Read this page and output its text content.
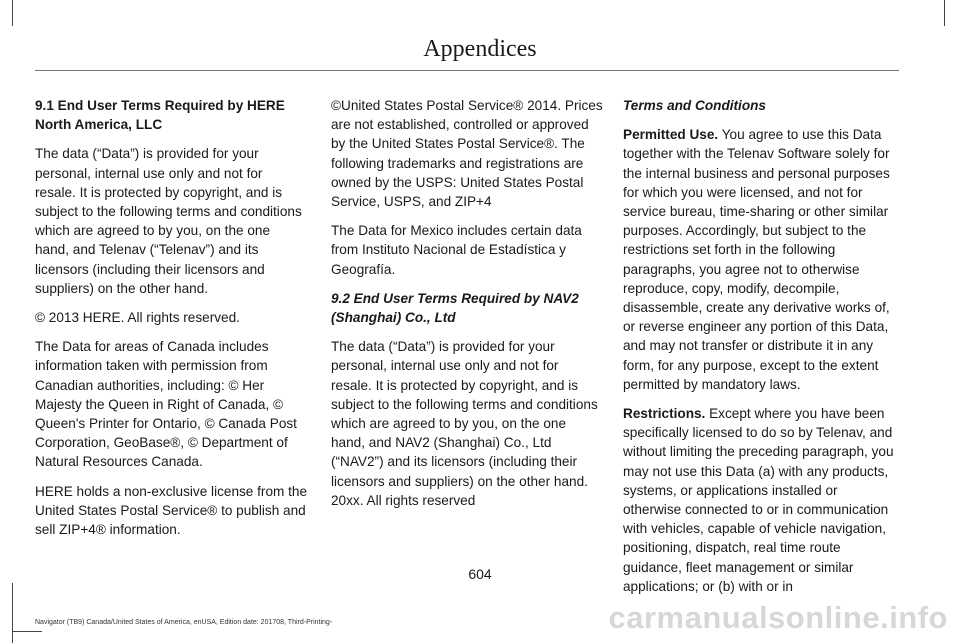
Appendices

9.1 End User Terms Required by HERE North America, LLC

The data (“Data”) is provided for your personal, internal use only and not for resale. It is protected by copyright, and is subject to the following terms and conditions which are agreed to by you, on the one hand, and Telenav (“Telenav”) and its licensors (including their licensors and suppliers) on the other hand.

© 2013 HERE. All rights reserved.

The Data for areas of Canada includes information taken with permission from Canadian authorities, including: © Her Majesty the Queen in Right of Canada, © Queen's Printer for Ontario, © Canada Post Corporation, GeoBase®, © Department of Natural Resources Canada.

HERE holds a non-exclusive license from the United States Postal Service® to publish and sell ZIP+4® information.

©United States Postal Service® 2014. Prices are not established, controlled or approved by the United States Postal Service®. The following trademarks and registrations are owned by the USPS: United States Postal Service, USPS, and ZIP+4

The Data for Mexico includes certain data from Instituto Nacional de Estadística y Geografía.

9.2 End User Terms Required by NAV2 (Shanghai) Co., Ltd

The data (“Data”) is provided for your personal, internal use only and not for resale. It is protected by copyright, and is subject to the following terms and conditions which are agreed to by you, on the one hand, and NAV2 (Shanghai) Co., Ltd (“NAV2”) and its licensors (including their licensors and suppliers) on the other hand. 20xx. All rights reserved

Terms and Conditions

Permitted Use. You agree to use this Data together with the Telenav Software solely for the internal business and personal purposes for which you were licensed, and not for service bureau, time-sharing or other similar purposes. Accordingly, but subject to the restrictions set forth in the following paragraphs, you agree not to otherwise reproduce, copy, modify, decompile, disassemble, create any derivative works of, or reverse engineer any portion of this Data, and may not transfer or distribute it in any form, for any purpose, except to the extent permitted by mandatory laws.

Restrictions. Except where you have been specifically licensed to do so by Telenav, and without limiting the preceding paragraph, you may not use this Data (a) with any products, systems, or applications installed or otherwise connected to or in communication with vehicles, capable of vehicle navigation, positioning, dispatch, real time route guidance, fleet management or similar applications; or (b) with or in

604
Navigator (TB9) Canada/United States of America, enUSA, Edition date: 201708, Third-Printing-	carmanualsonline.info
